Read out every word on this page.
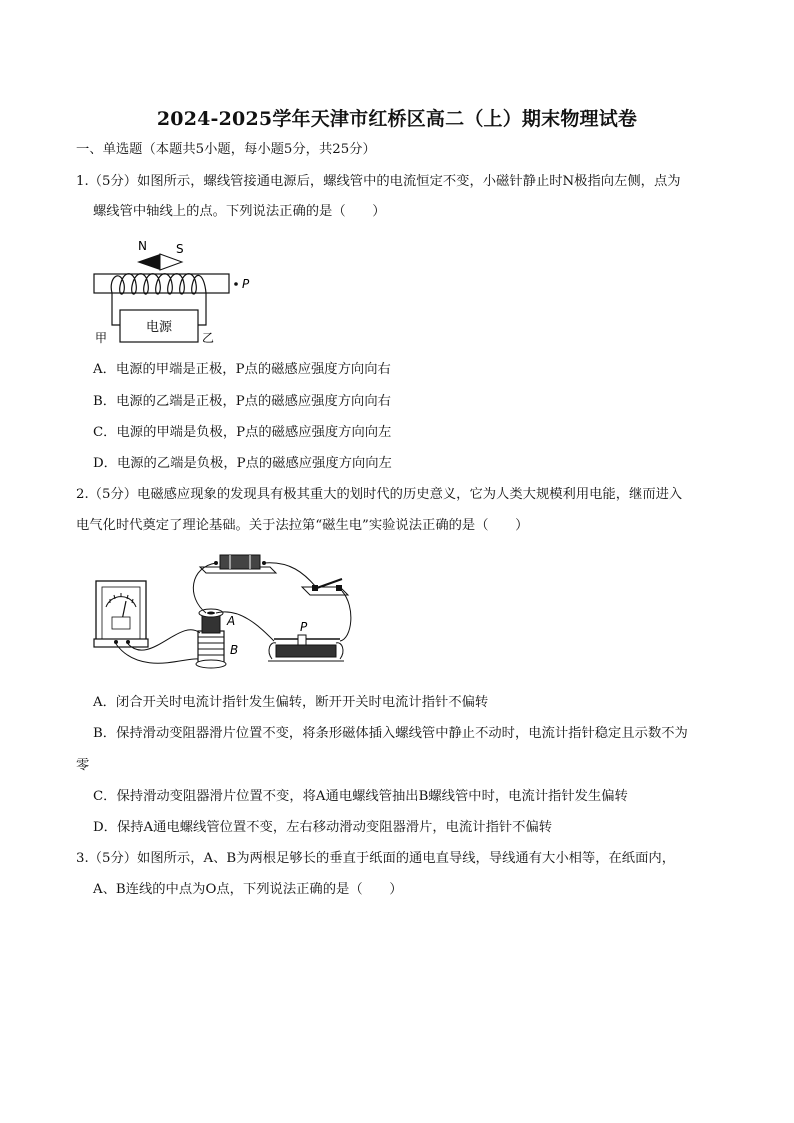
2024-2025学年天津市红桥区高二（上）期末物理试卷
一、单选题（本题共5小题，每小题5分，共25分）
1.（5分）如图所示，螺线管接通电源后，螺线管中的电流恒定不变，小磁针静止时N极指向左侧，点为
螺线管中轴线上的点。下列说法正确的是（　　）
N S
P
电源
甲	乙
A．电源的甲端是正极，P点的磁感应强度方向向右
B．电源的乙端是正极，P点的磁感应强度方向向右
C．电源的甲端是负极，P点的磁感应强度方向向左
D．电源的乙端是负极，P点的磁感应强度方向向左
2.（5分）电磁感应现象的发现具有极其重大的划时代的历史意义，它为人类大规模利用电能，继而进入
电气化时代奠定了理论基础。关于法拉第“磁生电”实验说法正确的是（　　）
A
B
P
A．闭合开关时电流计指针发生偏转，断开开关时电流计指针不偏转
B．保持滑动变阻器滑片位置不变，将条形磁体插入螺线管中静止不动时，电流计指针稳定且示数不为
零
C．保持滑动变阻器滑片位置不变，将A通电螺线管抽出B螺线管中时，电流计指针发生偏转
D．保持A通电螺线管位置不变，左右移动滑动变阻器滑片，电流计指针不偏转
3.（5分）如图所示，A、B为两根足够长的垂直于纸面的通电直导线，导线通有大小相等，在纸面内，
A、B连线的中点为O点，下列说法正确的是（　　）
